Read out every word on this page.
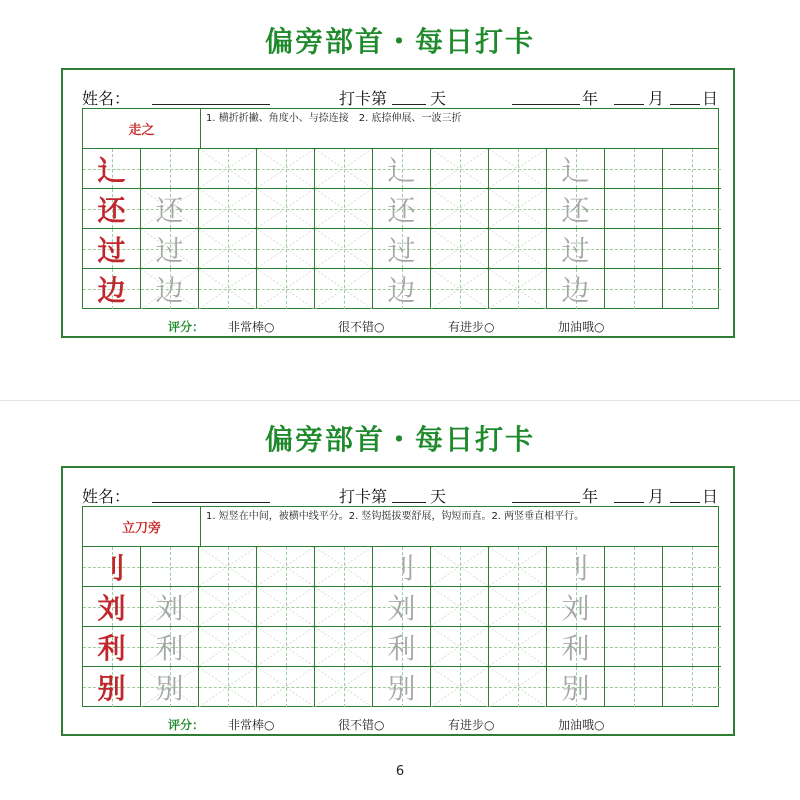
偏旁部首・每日打卡
姓名：	打卡第	天	年	月 日
走之
1. 横折折撇、角度小、与捺连接　2. 底捺伸展、一波三折
辶	辶	辶
还	还	还	还
过	过	过	过
边	边	边	边
评分： 非常棒○	很不错○	有进步○	加油哦○
偏旁部首・每日打卡
姓名：	打卡第	天	年	月 日
立刀旁
1. 短竖在中间，被横中线平分。2. 竖钩挺拔要舒展，钩短而直。2. 两竖垂直相平行。
刂	刂	刂
刘	刘	刘	刘
利	利	利	利
别	别	别	别
评分： 非常棒○	很不错○	有进步○	加油哦○
6
